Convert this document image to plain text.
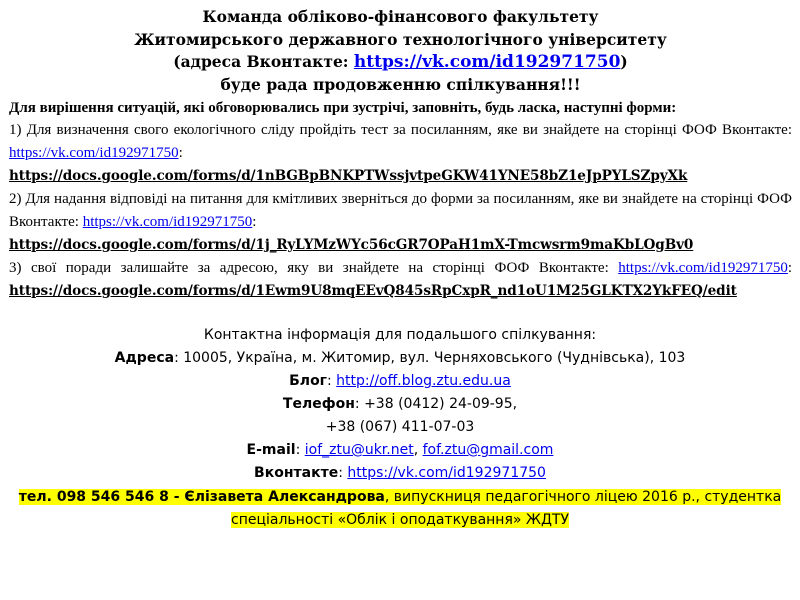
Команда обліково-фінансового факультету
Житомирського державного технологічного університету
(адреса Вконтакте: https://vk.com/id192971750)
буде рада продовженню спілкування!!!
Для вирішення ситуацій, які обговорювались при зустрічі, заповніть, будь ласка, наступні форми:
1) Для визначення свого екологічного сліду пройдіть тест за посиланням, яке ви знайдете на сторінці ФОФ Вконтакте: https://vk.com/id192971750:
https://docs.google.com/forms/d/1nBGBpBNKPTWssjvtpeGKW41YNE58bZ1eJpPYLSZpyXk
2) Для надання відповіді на питання для кмітливих зверніться до форми за посиланням, яке ви знайдете на сторінці ФОФ Вконтакте: https://vk.com/id192971750:
https://docs.google.com/forms/d/1j_RyLYMzWYc56cGR7OPaH1mX-Tmcwsrm9maKbLOgBv0
3) свої поради залишайте за адресою, яку ви знайдете на сторінці ФОФ Вконтакте: https://vk.com/id192971750:
https://docs.google.com/forms/d/1Ewm9U8mqEEvQ845sRpCxpR_nd1oU1M25GLKTX2YkFEQ/edit
Контактна інформація для подальшого спілкування:
Адреса: 10005, Україна, м. Житомир, вул. Черняховського (Чуднівська), 103
Блог: http://off.blog.ztu.edu.ua
Телефон: +38 (0412) 24-09-95,
+38 (067) 411-07-03
E-mail: iof_ztu@ukr.net, fof.ztu@gmail.com
Вконтакте: https://vk.com/id192971750
тел. 098 546 546 8 - Єлізавета Александрова, випускниця педагогічного ліцею 2016 р., студентка
спеціальності «Облік і оподаткування» ЖДТУ
